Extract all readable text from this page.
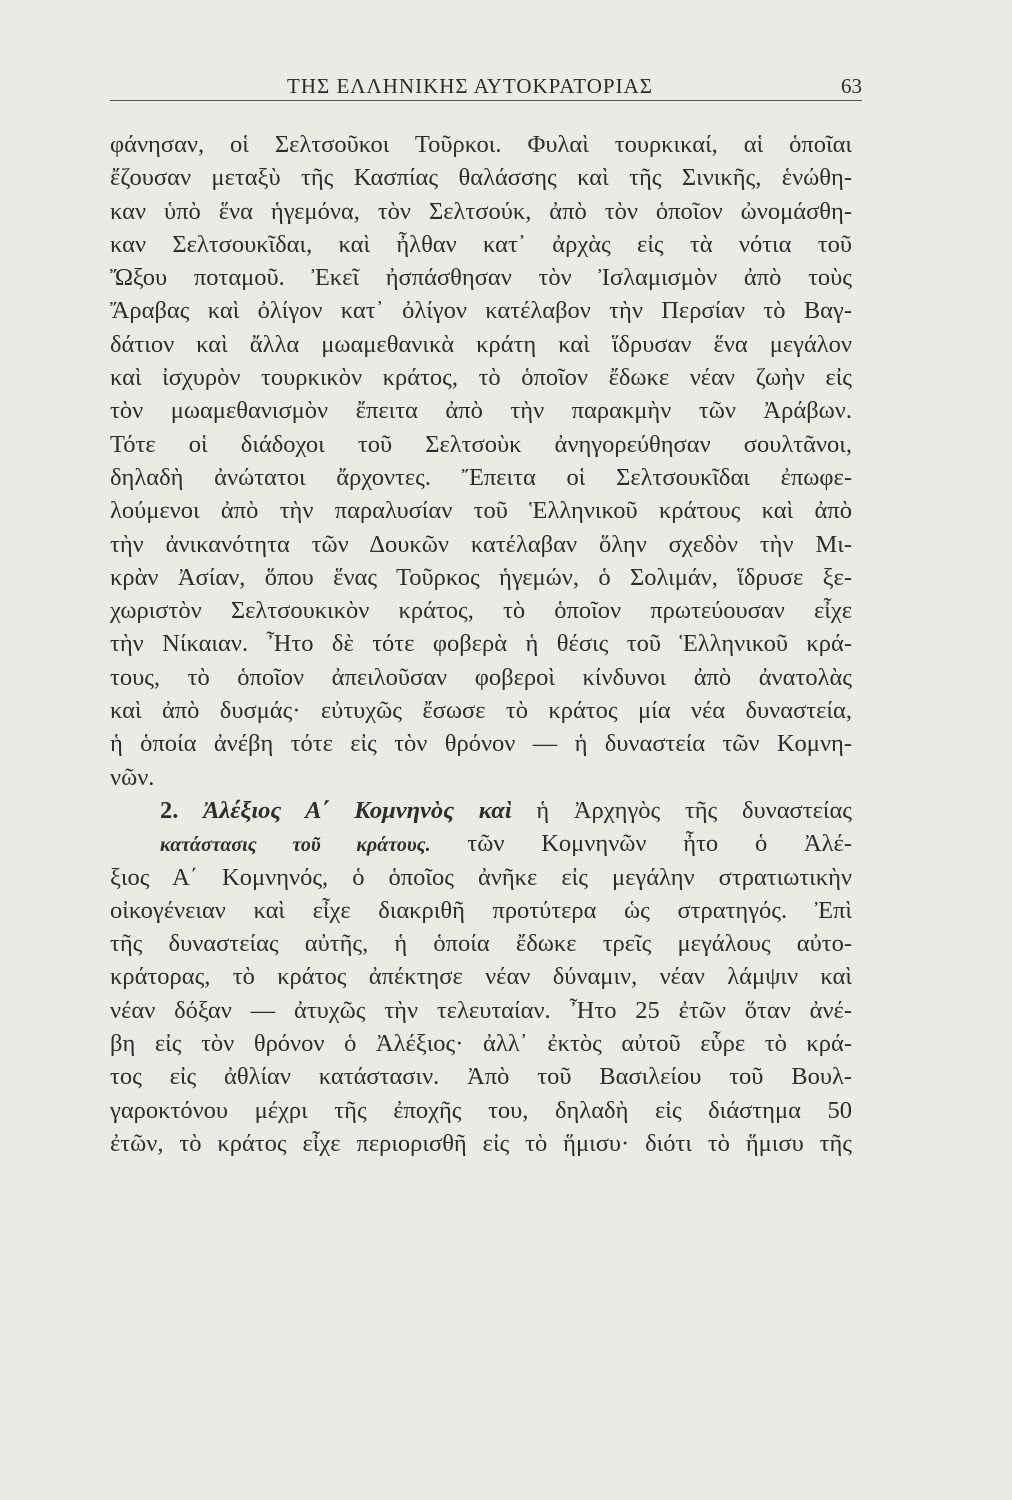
ΤΗΣ ΕΛΛΗΝΙΚΗΣ ΑΥΤΟΚΡΑΤΟΡΙΑΣ	63
φάνησαν, οἱ Σελτσοῦκοι Τοῦρκοι. Φυλαὶ τουρκικαί, αἱ ὁποῖαι
ἔζουσαν μεταξὺ τῆς Κασπίας θαλάσσης καὶ τῆς Σινικῆς, ἑνώθη-
καν ὑπὸ ἕνα ἡγεμόνα, τὸν Σελτσούκ, ἀπὸ τὸν ὁποῖον ὠνομάσθη-
καν Σελτσουκῖδαι, καὶ ἦλθαν κατ᾽ ἀρχὰς εἰς τὰ νότια τοῦ
Ὤξου ποταμοῦ. Ἐκεῖ ἠσπάσθησαν τὸν Ἰσλαμισμὸν ἀπὸ τοὺς
Ἄραβας καὶ ὀλίγον κατ᾽ ὀλίγον κατέλαβον τὴν Περσίαν τὸ Βαγ-
δάτιον καὶ ἄλλα μωαμεθανικὰ κράτη καὶ ἵδρυσαν ἕνα μεγάλον
καὶ ἰσχυρὸν τουρκικὸν κράτος, τὸ ὁποῖον ἔδωκε νέαν ζωὴν εἰς
τὸν μωαμεθανισμὸν ἔπειτα ἀπὸ τὴν παρακμὴν τῶν Ἀράβων.
Τότε οἱ διάδοχοι τοῦ Σελτσοὺκ ἀνηγορεύθησαν σουλτᾶνοι,
δηλαδὴ ἀνώτατοι ἄρχοντες. Ἔπειτα οἱ Σελτσουκῖδαι ἐπωφε-
λούμενοι ἀπὸ τὴν παραλυσίαν τοῦ Ἑλληνικοῦ κράτους καὶ ἀπὸ
τὴν ἀνικανότητα τῶν Δουκῶν κατέλαβαν ὅλην σχεδὸν τὴν Μι-
κρὰν Ἀσίαν, ὅπου ἕνας Τοῦρκος ἡγεμών, ὁ Σολιμάν, ἵδρυσε ξε-
χωριστὸν Σελτσουκικὸν κράτος, τὸ ὁποῖον πρωτεύουσαν εἶχε
τὴν Νίκαιαν. Ἦτο δὲ τότε φοβερὰ ἡ θέσις τοῦ Ἑλληνικοῦ κρά-
τους, τὸ ὁποῖον ἀπειλοῦσαν φοβεροὶ κίνδυνοι ἀπὸ ἀνατολὰς
καὶ ἀπὸ δυσμάς· εὐτυχῶς ἔσωσε τὸ κράτος μία νέα δυναστεία,
ἡ ὁποία ἀνέβη τότε εἰς τὸν θρόνον — ἡ δυναστεία τῶν Κομνη-
νῶν.
2. Ἀλέξιος Α΄ Κομνηνὸς καὶ ἡ Ἀρχηγὸς τῆς δυναστείας
κατάστασις τοῦ κράτους. τῶν Κομνηνῶν ἦτο ὁ Ἀλέ-
ξιος Α΄ Κομνηνός, ὁ ὁποῖος ἀνῆκε εἰς μεγάλην στρατιωτικὴν
οἰκογένειαν καὶ εἶχε διακριθῆ προτύτερα ὡς στρατηγός. Ἐπὶ
τῆς δυναστείας αὐτῆς, ἡ ὁποία ἔδωκε τρεῖς μεγάλους αὐτο-
κράτορας, τὸ κράτος ἀπέκτησε νέαν δύναμιν, νέαν λάμψιν καὶ
νέαν δόξαν — ἀτυχῶς τὴν τελευταίαν. Ἦτο 25 ἐτῶν ὅταν ἀνέ-
βη εἰς τὸν θρόνον ὁ Ἀλέξιος· ἀλλ᾽ ἐκτὸς αὐτοῦ εὗρε τὸ κρά-
τος εἰς ἀθλίαν κατάστασιν. Ἀπὸ τοῦ Βασιλείου τοῦ Βουλ-
γαροκτόνου μέχρι τῆς ἐποχῆς του, δηλαδὴ εἰς διάστημα 50
ἐτῶν, τὸ κράτος εἶχε περιορισθῆ εἰς τὸ ἥμισυ· διότι τὸ ἥμισυ τῆς
